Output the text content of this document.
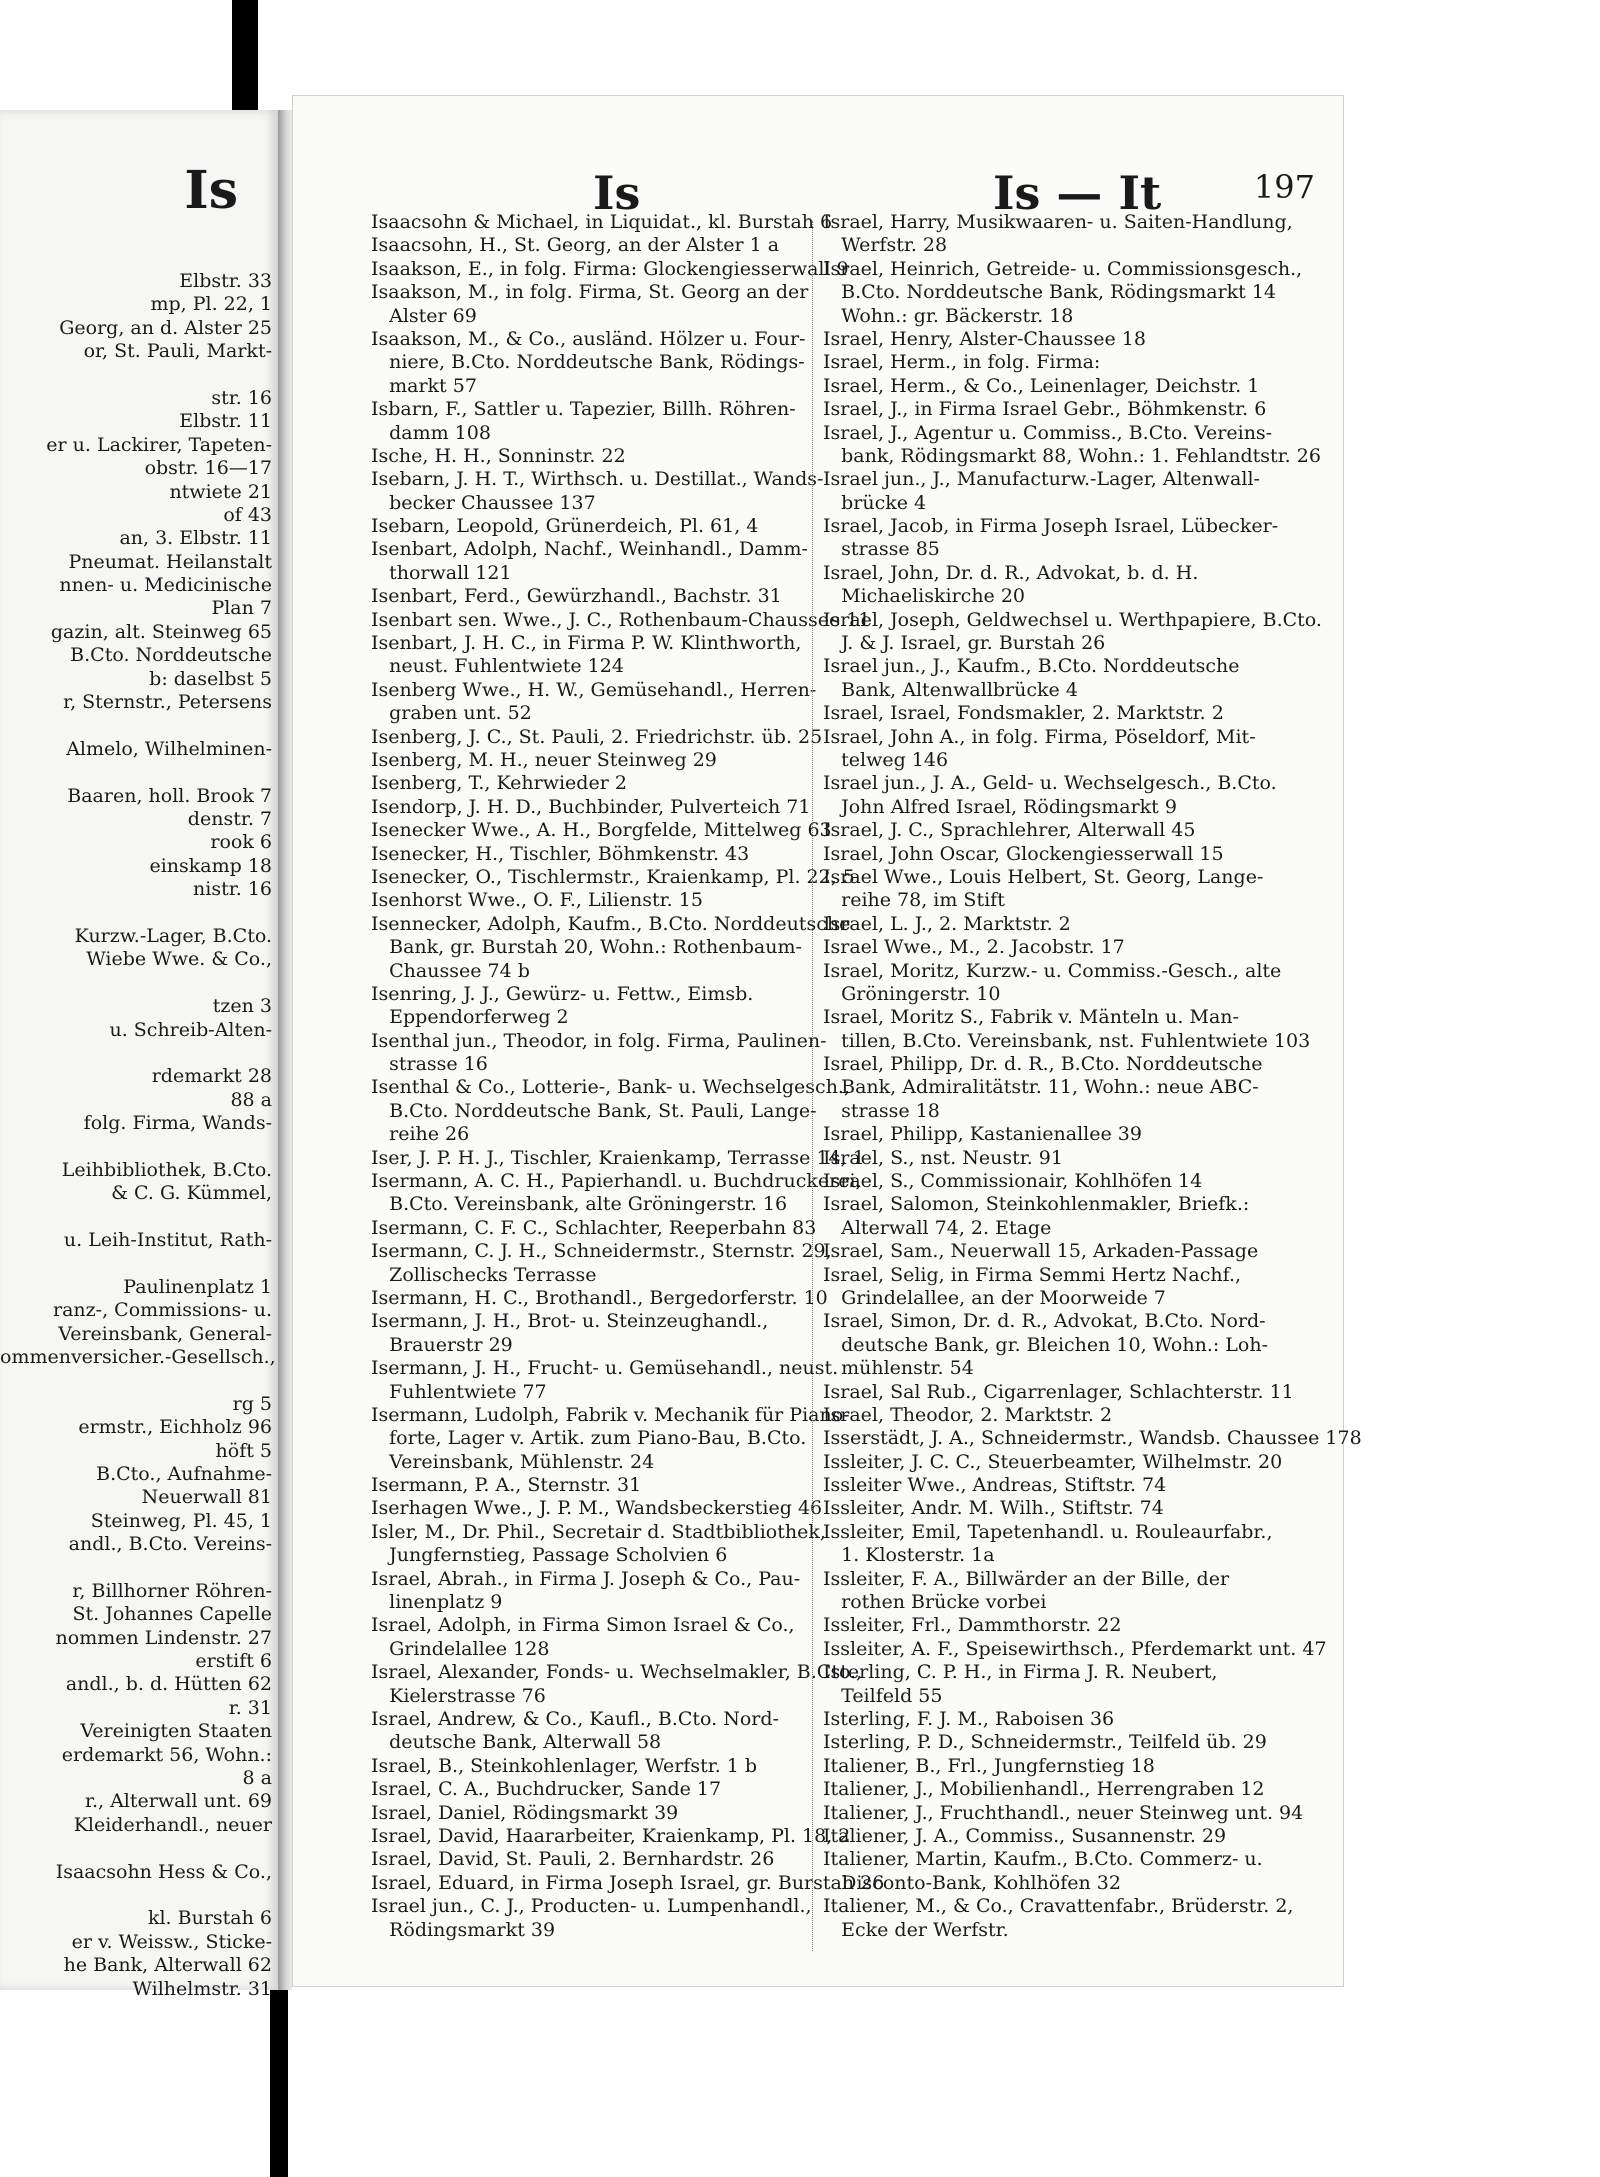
Is
Elbstr. 33
mp, Pl. 22, 1
Georg, an d. Alster 25
or, St. Pauli, Markt-
str. 16
Elbstr. 11
er u. Lackirer, Tapeten-
obstr. 16—17
ntwiete 21
of 43
an, 3. Elbstr. 11
Pneumat. Heilanstalt
nnen- u. Medicinische
Plan 7
gazin, alt. Steinweg 65
B.Cto. Norddeutsche
b: daselbst 5
r, Sternstr., Petersens
Almelo, Wilhelminen-
Baaren, holl. Brook 7
denstr. 7
rook 6
einskamp 18
nistr. 16
Kurzw.-Lager, B.Cto.
Wiebe Wwe. & Co.,
tzen 3
u. Schreib-Alten-
rdemarkt 28
88 a
folg. Firma, Wands-
Leihbibliothek, B.Cto.
& C. G. Kümmel,
u. Leih-Institut, Rath-
Paulinenplatz 1
ranz-, Commissions- u.
Vereinsbank, General-
ommenversicher.-Gesellsch.,
rg 5
ermstr., Eichholz 96
höft 5
B.Cto., Aufnahme-
Neuerwall 81
Steinweg, Pl. 45, 1
andl., B.Cto. Vereins-
r, Billhorner Röhren-
St. Johannes Capelle
nommen Lindenstr. 27
erstift 6
andl., b. d. Hütten 62
r. 31
Vereinigten Staaten
erdemarkt 56, Wohn.:
8 a
r., Alterwall unt. 69
Kleiderhandl., neuer
Isaacsohn Hess & Co.,
kl. Burstah 6
er v. Weissw., Sticke-
he Bank, Alterwall 62
Wilhelmstr. 31
Is	Is — It	197
Isaacsohn & Michael, in Liquidat., kl. Burstah 6
Isaacsohn, H., St. Georg, an der Alster 1 a
Isaakson, E., in folg. Firma: Glockengiesserwall 9
Isaakson, M., in folg. Firma, St. Georg an der
Alster 69
Isaakson, M., & Co., ausländ. Hölzer u. Four-
niere, B.Cto. Norddeutsche Bank, Rödings-
markt 57
Isbarn, F., Sattler u. Tapezier, Billh. Röhren-
damm 108
Ische, H. H., Sonninstr. 22
Isebarn, J. H. T., Wirthsch. u. Destillat., Wands-
becker Chaussee 137
Isebarn, Leopold, Grünerdeich, Pl. 61, 4
Isenbart, Adolph, Nachf., Weinhandl., Damm-
thorwall 121
Isenbart, Ferd., Gewürzhandl., Bachstr. 31
Isenbart sen. Wwe., J. C., Rothenbaum-Chaussee 11
Isenbart, J. H. C., in Firma P. W. Klinthworth,
neust. Fuhlentwiete 124
Isenberg Wwe., H. W., Gemüsehandl., Herren-
graben unt. 52
Isenberg, J. C., St. Pauli, 2. Friedrichstr. üb. 25
Isenberg, M. H., neuer Steinweg 29
Isenberg, T., Kehrwieder 2
Isendorp, J. H. D., Buchbinder, Pulverteich 71
Isenecker Wwe., A. H., Borgfelde, Mittelweg 63
Isenecker, H., Tischler, Böhmkenstr. 43
Isenecker, O., Tischlermstr., Kraienkamp, Pl. 22, 5
Isenhorst Wwe., O. F., Lilienstr. 15
Isennecker, Adolph, Kaufm., B.Cto. Norddeutsche
Bank, gr. Burstah 20, Wohn.: Rothenbaum-
Chaussee 74 b
Isenring, J. J., Gewürz- u. Fettw., Eimsb.
Eppendorferweg 2
Isenthal jun., Theodor, in folg. Firma, Paulinen-
strasse 16
Isenthal & Co., Lotterie-, Bank- u. Wechselgesch.,
B.Cto. Norddeutsche Bank, St. Pauli, Lange-
reihe 26
Iser, J. P. H. J., Tischler, Kraienkamp, Terrasse 14, 1
Isermann, A. C. H., Papierhandl. u. Buchdruckerei,
B.Cto. Vereinsbank, alte Gröningerstr. 16
Isermann, C. F. C., Schlachter, Reeperbahn 83
Isermann, C. J. H., Schneidermstr., Sternstr. 29,
Zollischecks Terrasse
Isermann, H. C., Brothandl., Bergedorferstr. 10
Isermann, J. H., Brot- u. Steinzeughandl.,
Brauerstr 29
Isermann, J. H., Frucht- u. Gemüsehandl., neust.
Fuhlentwiete 77
Isermann, Ludolph, Fabrik v. Mechanik für Piano-
forte, Lager v. Artik. zum Piano-Bau, B.Cto.
Vereinsbank, Mühlenstr. 24
Isermann, P. A., Sternstr. 31
Iserhagen Wwe., J. P. M., Wandsbeckerstieg 46
Isler, M., Dr. Phil., Secretair d. Stadtbibliothek,
Jungfernstieg, Passage Scholvien 6
Israel, Abrah., in Firma J. Joseph & Co., Pau-
linenplatz 9
Israel, Adolph, in Firma Simon Israel & Co.,
Grindelallee 128
Israel, Alexander, Fonds- u. Wechselmakler, B.Cto.,
Kielerstrasse 76
Israel, Andrew, & Co., Kaufl., B.Cto. Nord-
deutsche Bank, Alterwall 58
Israel, B., Steinkohlenlager, Werfstr. 1 b
Israel, C. A., Buchdrucker, Sande 17
Israel, Daniel, Rödingsmarkt 39
Israel, David, Haararbeiter, Kraienkamp, Pl. 18, 2
Israel, David, St. Pauli, 2. Bernhardstr. 26
Israel, Eduard, in Firma Joseph Israel, gr. Burstah 26
Israel jun., C. J., Producten- u. Lumpenhandl.,
Rödingsmarkt 39
Israel, Harry, Musikwaaren- u. Saiten-Handlung,
Werfstr. 28
Israel, Heinrich, Getreide- u. Commissionsgesch.,
B.Cto. Norddeutsche Bank, Rödingsmarkt 14
Wohn.: gr. Bäckerstr. 18
Israel, Henry, Alster-Chaussee 18
Israel, Herm., in folg. Firma:
Israel, Herm., & Co., Leinenlager, Deichstr. 1
Israel, J., in Firma Israel Gebr., Böhmkenstr. 6
Israel, J., Agentur u. Commiss., B.Cto. Vereins-
bank, Rödingsmarkt 88, Wohn.: 1. Fehlandtstr. 26
Israel jun., J., Manufacturw.-Lager, Altenwall-
brücke 4
Israel, Jacob, in Firma Joseph Israel, Lübecker-
strasse 85
Israel, John, Dr. d. R., Advokat, b. d. H.
Michaeliskirche 20
Israel, Joseph, Geldwechsel u. Werthpapiere, B.Cto.
J. & J. Israel, gr. Burstah 26
Israel jun., J., Kaufm., B.Cto. Norddeutsche
Bank, Altenwallbrücke 4
Israel, Israel, Fondsmakler, 2. Marktstr. 2
Israel, John A., in folg. Firma, Pöseldorf, Mit-
telweg 146
Israel jun., J. A., Geld- u. Wechselgesch., B.Cto.
John Alfred Israel, Rödingsmarkt 9
Israel, J. C., Sprachlehrer, Alterwall 45
Israel, John Oscar, Glockengiesserwall 15
Israel Wwe., Louis Helbert, St. Georg, Lange-
reihe 78, im Stift
Israel, L. J., 2. Marktstr. 2
Israel Wwe., M., 2. Jacobstr. 17
Israel, Moritz, Kurzw.- u. Commiss.-Gesch., alte
Gröningerstr. 10
Israel, Moritz S., Fabrik v. Mänteln u. Man-
tillen, B.Cto. Vereinsbank, nst. Fuhlentwiete 103
Israel, Philipp, Dr. d. R., B.Cto. Norddeutsche
Bank, Admiralitätstr. 11, Wohn.: neue ABC-
strasse 18
Israel, Philipp, Kastanienallee 39
Israel, S., nst. Neustr. 91
Israel, S., Commissionair, Kohlhöfen 14
Israel, Salomon, Steinkohlenmakler, Briefk.:
Alterwall 74, 2. Etage
Israel, Sam., Neuerwall 15, Arkaden-Passage
Israel, Selig, in Firma Semmi Hertz Nachf.,
Grindelallee, an der Moorweide 7
Israel, Simon, Dr. d. R., Advokat, B.Cto. Nord-
deutsche Bank, gr. Bleichen 10, Wohn.: Loh-
mühlenstr. 54
Israel, Sal Rub., Cigarrenlager, Schlachterstr. 11
Israel, Theodor, 2. Marktstr. 2
Isserstädt, J. A., Schneidermstr., Wandsb. Chaussee 178
Issleiter, J. C. C., Steuerbeamter, Wilhelmstr. 20
Issleiter Wwe., Andreas, Stiftstr. 74
Issleiter, Andr. M. Wilh., Stiftstr. 74
Issleiter, Emil, Tapetenhandl. u. Rouleaurfabr.,
1. Klosterstr. 1a
Issleiter, F. A., Billwärder an der Bille, der
rothen Brücke vorbei
Issleiter, Frl., Dammthorstr. 22
Issleiter, A. F., Speisewirthsch., Pferdemarkt unt. 47
Isterling, C. P. H., in Firma J. R. Neubert,
Teilfeld 55
Isterling, F. J. M., Raboisen 36
Isterling, P. D., Schneidermstr., Teilfeld üb. 29
Italiener, B., Frl., Jungfernstieg 18
Italiener, J., Mobilienhandl., Herrengraben 12
Italiener, J., Fruchthandl., neuer Steinweg unt. 94
Italiener, J. A., Commiss., Susannenstr. 29
Italiener, Martin, Kaufm., B.Cto. Commerz- u.
Disconto-Bank, Kohlhöfen 32
Italiener, M., & Co., Cravattenfabr., Brüderstr. 2,
Ecke der Werfstr.
